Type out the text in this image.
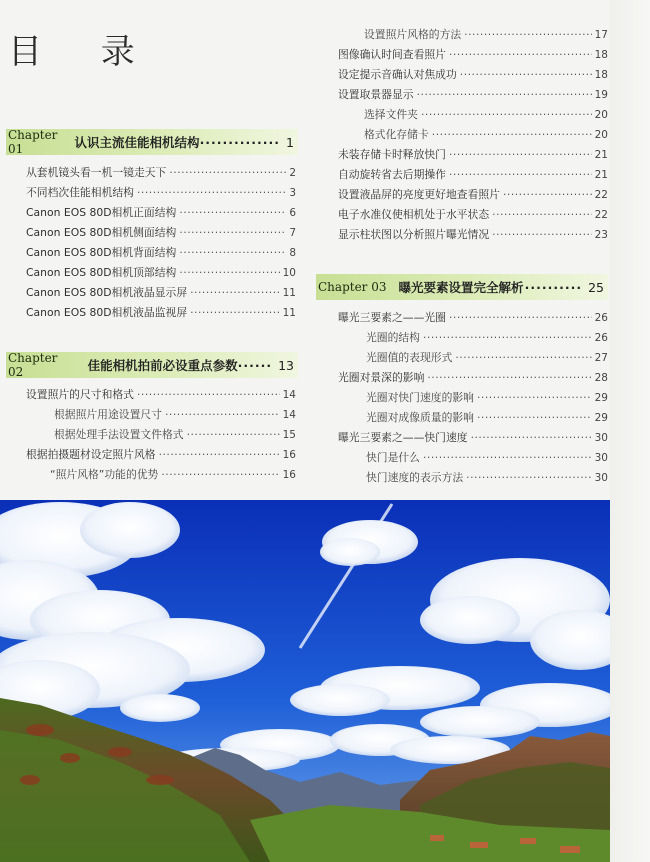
目 录
Chapter 01	认识主流佳能相机结构 ·············· 1
从套机镜头看一机一镜走天下 ·····	2
不同档次佳能相机结构 ·····	3
Canon EOS 80D相机正面结构 ·····	6
Canon EOS 80D相机侧面结构 ·····	7
Canon EOS 80D相机背面结构 ·····	8
Canon EOS 80D相机顶部结构 ·····	10
Canon EOS 80D相机液晶显示屏 ·····	11
Canon EOS 80D相机液晶监视屏 ·····	11
Chapter 02	佳能相机拍前必设重点参数 ······ 13
设置照片的尺寸和格式 ·····	14
根据照片用途设置尺寸 ·····	14
根据处理手法设置文件格式 ·····	15
根据拍摄题材设定照片风格 ·····	16
“照片风格”功能的优势 ·····	16
设置照片风格的方法 ·····	17
图像确认时间查看照片 ·····	18
设定提示音确认对焦成功 ·····	18
设置取景器显示 ·····	19
选择文件夹 ·····	20
格式化存储卡 ·····	20
未装存储卡时释放快门 ·····	21
自动旋转省去后期操作 ·····	21
设置液晶屏的亮度更好地查看照片 ·····	22
电子水准仪使相机处于水平状态 ·····	22
显示柱状图以分析照片曝光情况 ·····	23
Chapter 03 曝光要素设置完全解析 ·········· 25
曝光三要素之——光圈 ·····	26
光圈的结构 ·····	26
光圈值的表现形式 ·····	27
光圈对景深的影响 ·····	28
光圈对快门速度的影响 ·····	29
光圈对成像质量的影响 ·····	29
曝光三要素之——快门速度 ·····	30
快门是什么 ·····	30
快门速度的表示方法 ·····	30
